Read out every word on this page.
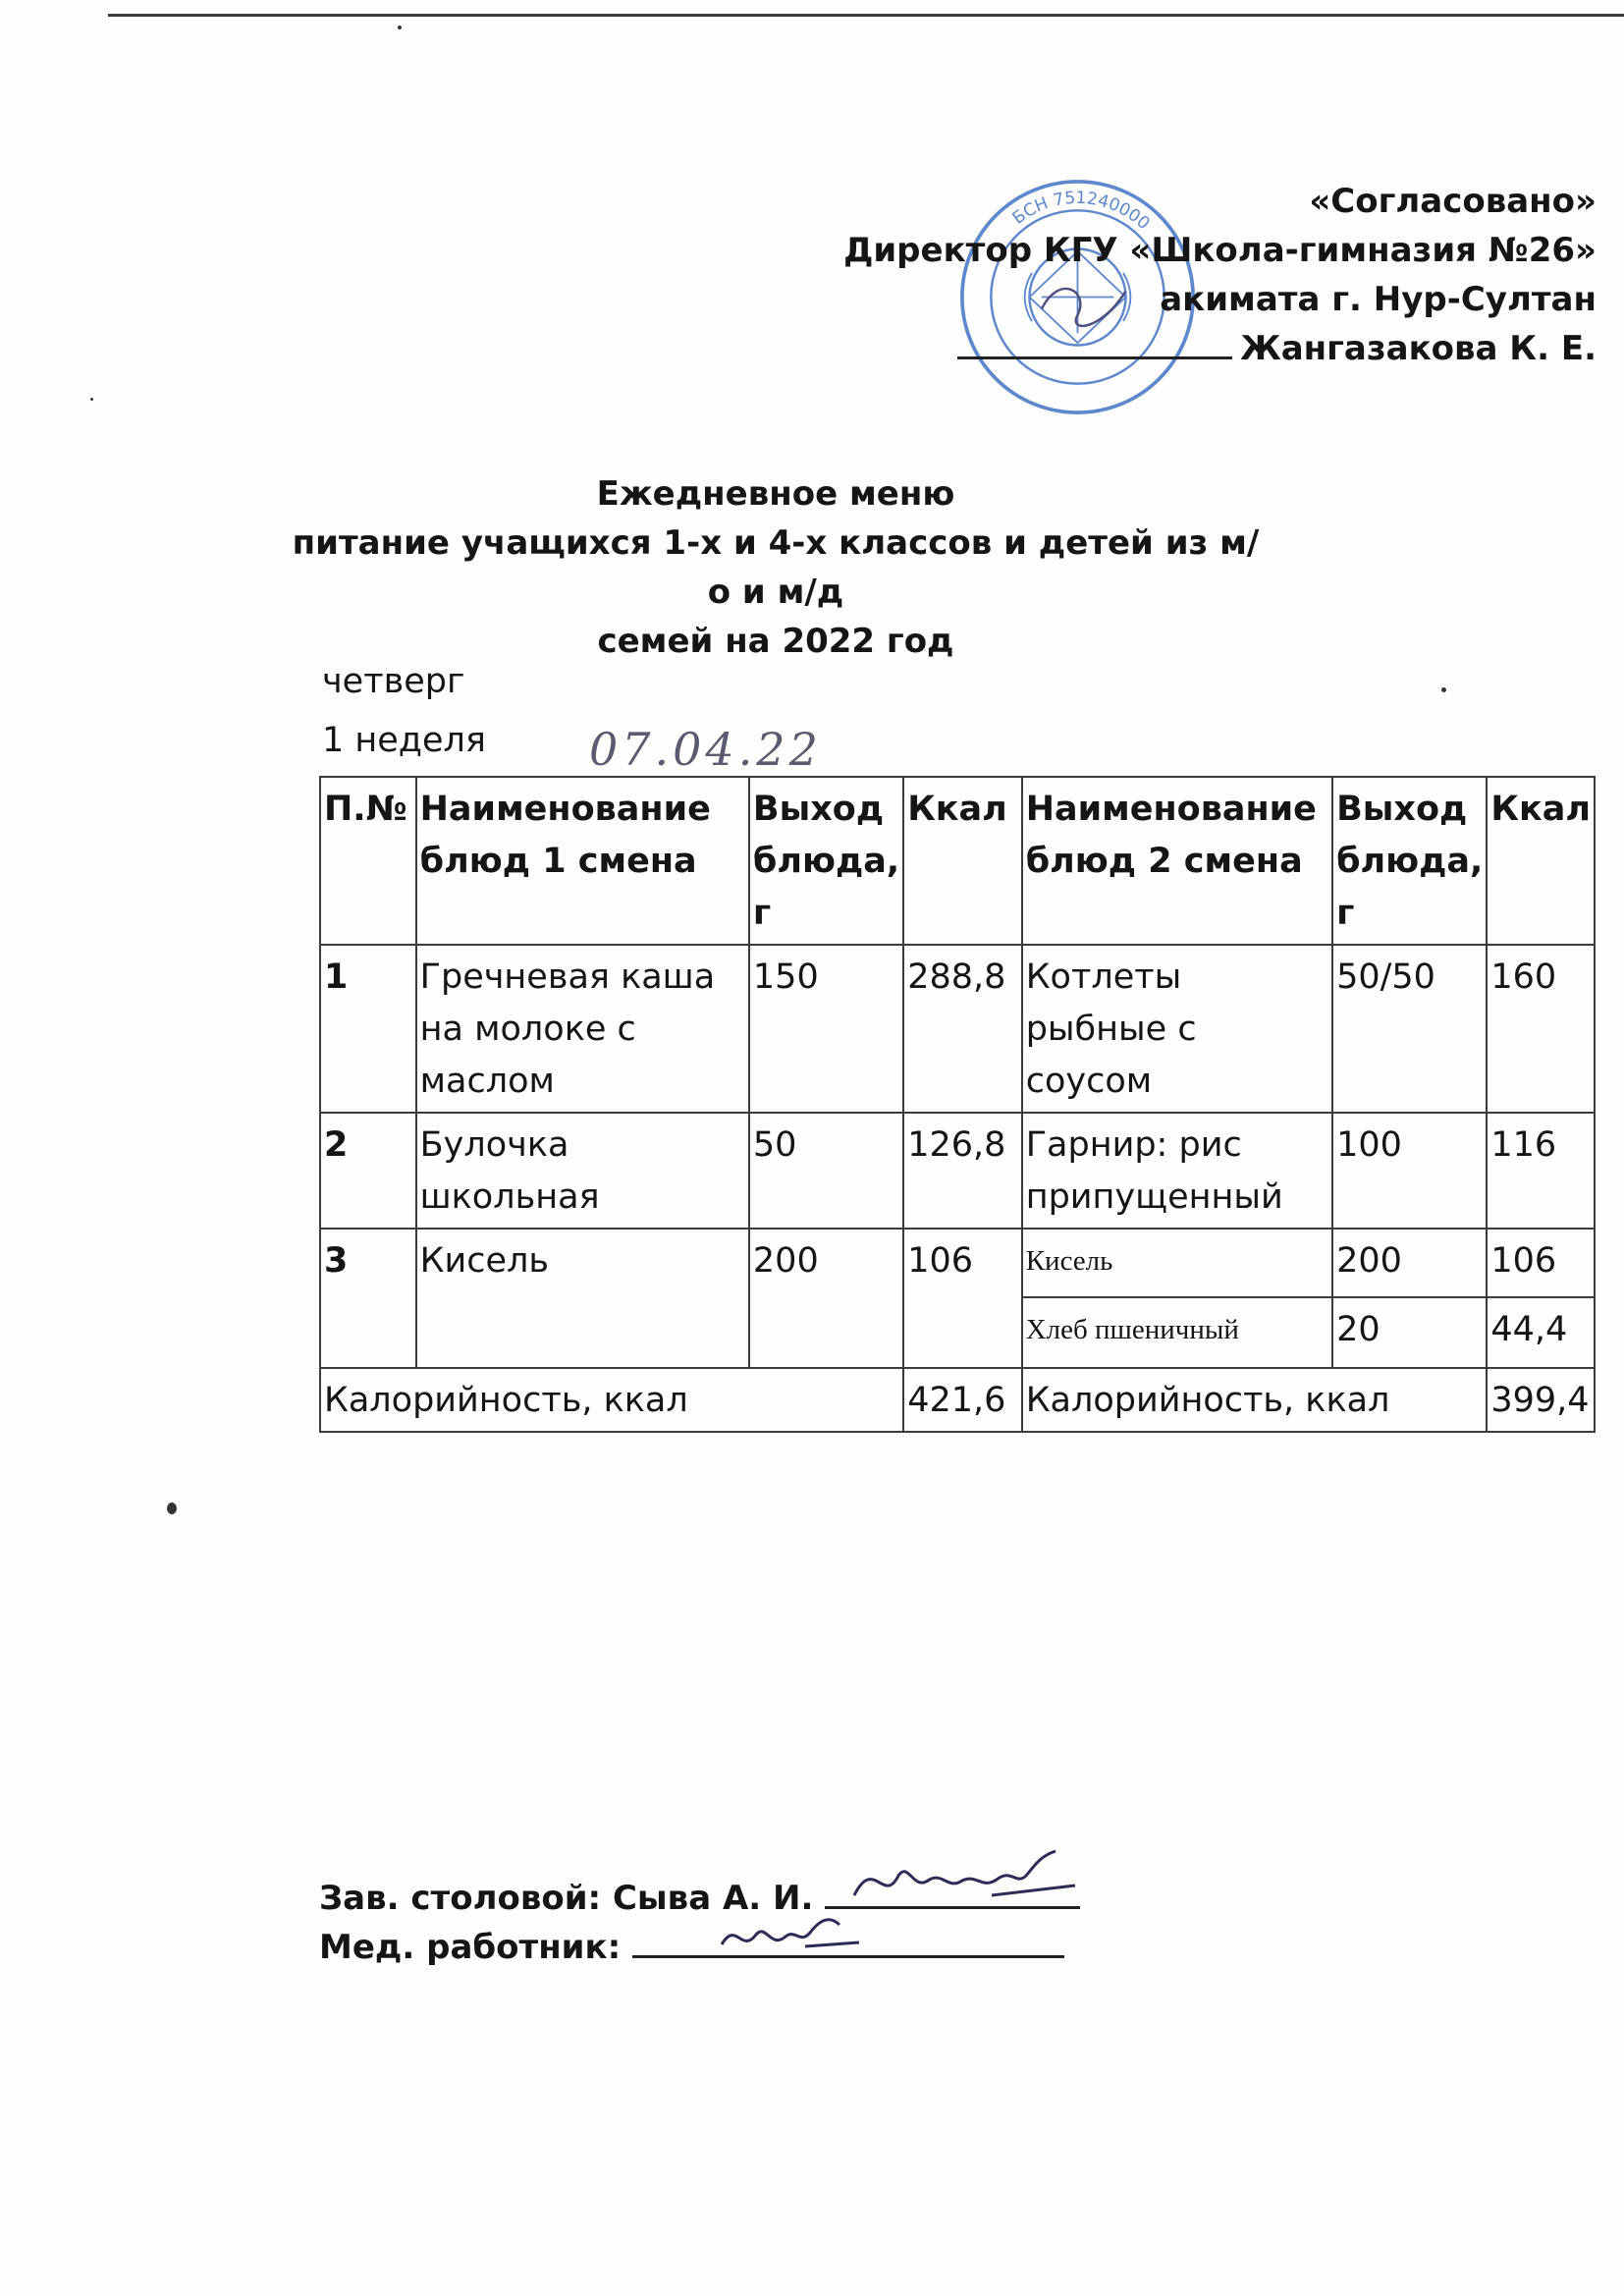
БСН 751240000
«Согласовано»
Директор КГУ «Школа-гимназия №26»
акимата г. Нур-Султан
Жангазакова К. Е.
Ежедневное меню
питание учащихся 1-х и 4-х классов и детей из м/о и м/д
семей на 2022 год
четверг
1 неделя 07.04.22
П.№	Наименование блюд 1 смена	Выход блюда, г	Ккал	Наименование блюд 2 смена	Выход блюда, г	Ккал
1	Гречневая каша на молоке с маслом	150	288,8	Котлеты рыбные с соусом	50/50	160
2	Булочка школьная	50	126,8	Гарнир: рис припущенный	100	116
3	Кисель	200	106	Кисель	200	106
				Хлеб пшеничный	20	44,4
Калорийность, ккал			421,6	Калорийность, ккал		399,4
Зав. столовой: Сыва А. И.
Мед. работник:
